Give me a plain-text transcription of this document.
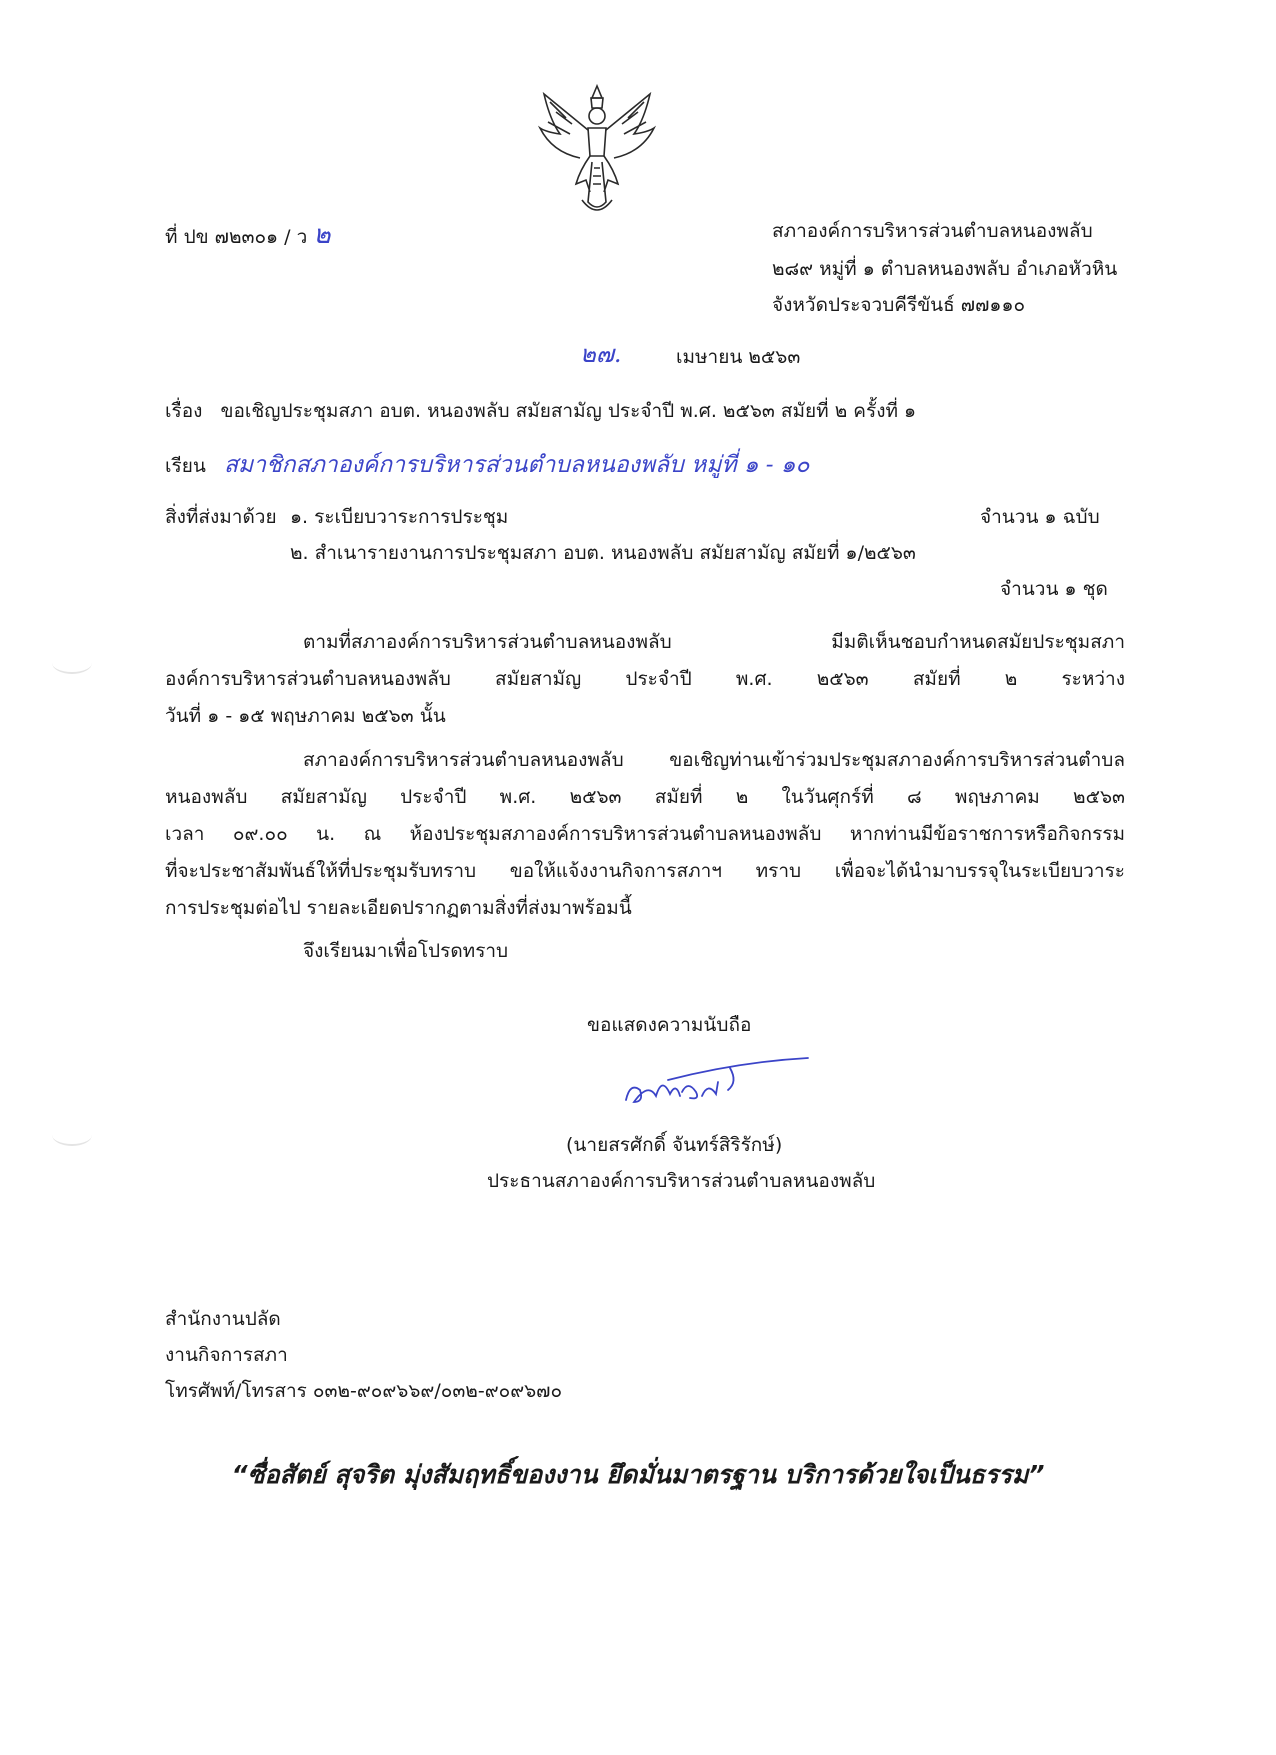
ที่ ปข ๗๒๓๐๑ / ว ๒	สภาองค์การบริหารส่วนตำบลหนองพลับ
๒๘๙ หมู่ที่ ๑ ตำบลหนองพลับ อำเภอหัวหิน
จังหวัดประจวบคีรีขันธ์ ๗๗๑๑๐
๒๗.	เมษายน ๒๕๖๓
เรื่อง ขอเชิญประชุมสภา อบต. หนองพลับ สมัยสามัญ ประจำปี พ.ศ. ๒๕๖๓ สมัยที่ ๒ ครั้งที่ ๑
เรียน สมาชิกสภาองค์การบริหารส่วนตำบลหนองพลับ หมู่ที่ ๑ - ๑๐
สิ่งที่ส่งมาด้วย ๑. ระเบียบวาระการประชุม	จำนวน ๑ ฉบับ
๒. สำเนารายงานการประชุมสภา อบต. หนองพลับ สมัยสามัญ สมัยที่ ๑/๒๕๖๓
จำนวน ๑ ชุด

ตามที่สภาองค์การบริหารส่วนตำบลหนองพลับ มีมติเห็นชอบกำหนดสมัยประชุมสภา

องค์การบริหารส่วนตำบลหนองพลับ สมัยสามัญ ประจำปี พ.ศ. ๒๕๖๓ สมัยที่ ๒ ระหว่าง

วันที่ ๑ - ๑๕ พฤษภาคม ๒๕๖๓ นั้น

สภาองค์การบริหารส่วนตำบลหนองพลับ ขอเชิญท่านเข้าร่วมประชุมสภาองค์การบริหารส่วนตำบล

หนองพลับ สมัยสามัญ ประจำปี พ.ศ. ๒๕๖๓ สมัยที่ ๒ ในวันศุกร์ที่ ๘ พฤษภาคม ๒๕๖๓

เวลา ๐๙.๐๐ น. ณ ห้องประชุมสภาองค์การบริหารส่วนตำบลหนองพลับ หากท่านมีข้อราชการหรือกิจกรรม

ที่จะประชาสัมพันธ์ให้ที่ประชุมรับทราบ ขอให้แจ้งงานกิจการสภาฯ ทราบ เพื่อจะได้นำมาบรรจุในระเบียบวาระ

การประชุมต่อไป รายละเอียดปรากฏตามสิ่งที่ส่งมาพร้อมนี้

จึงเรียนมาเพื่อโปรดทราบ
ขอแสดงความนับถือ
(นายสรศักดิ์ จันทร์สิริรักษ์)
ประธานสภาองค์การบริหารส่วนตำบลหนองพลับ
สำนักงานปลัด
งานกิจการสภา
โทรศัพท์/โทรสาร ๐๓๒-๙๐๙๖๖๙/๐๓๒-๙๐๙๖๗๐
“ซื่อสัตย์ สุจริต มุ่งสัมฤทธิ์ของงาน ยึดมั่นมาตรฐาน บริการด้วยใจเป็นธรรม”
